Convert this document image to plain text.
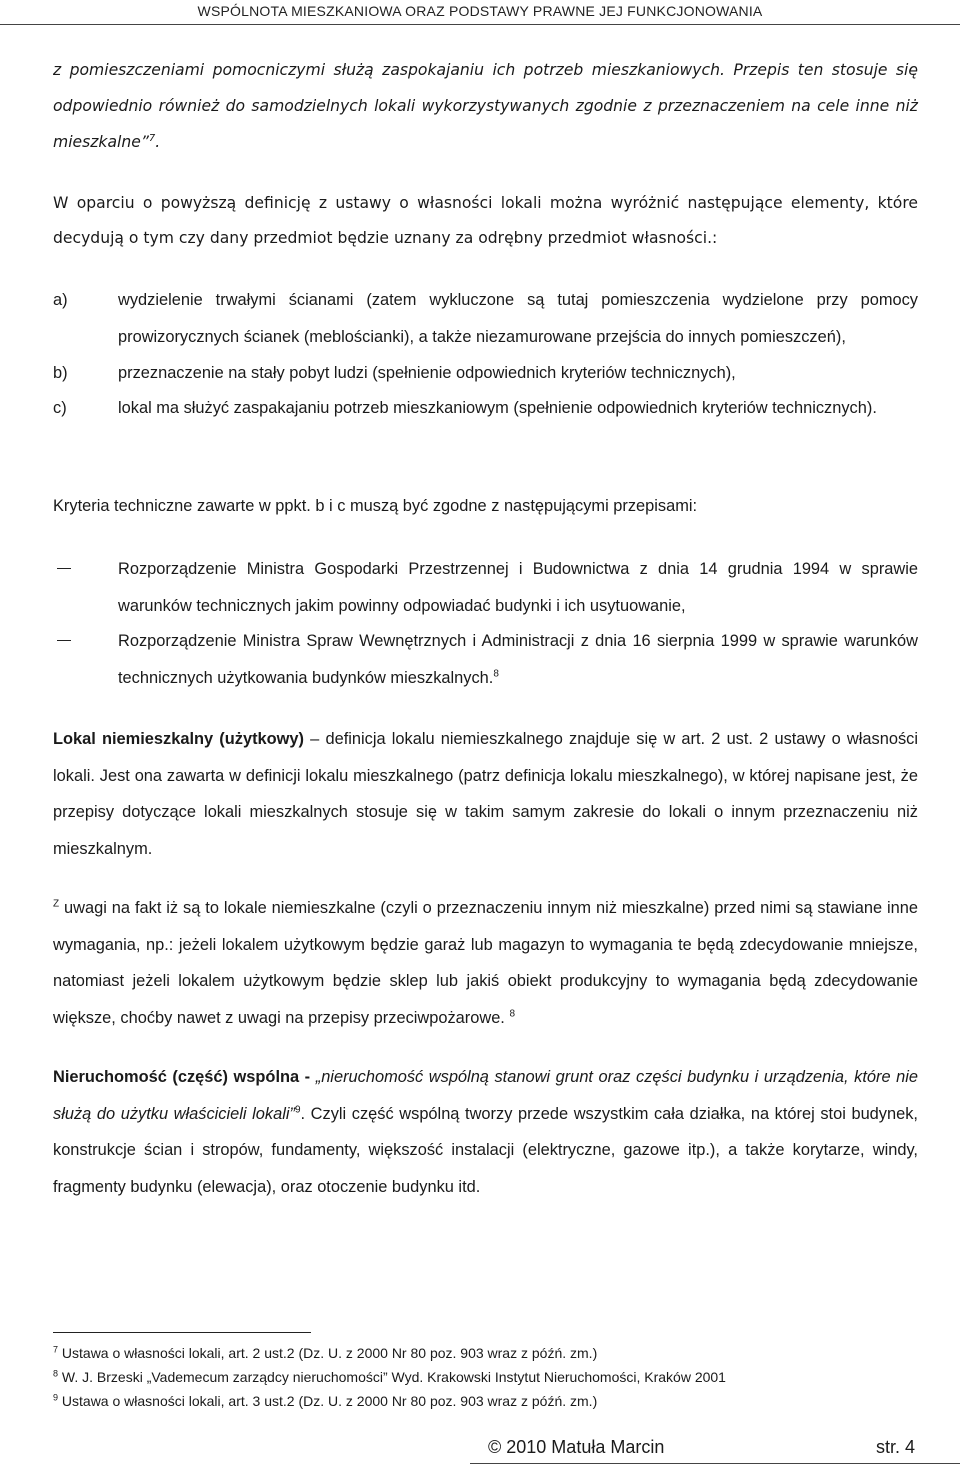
WSPÓLNOTA MIESZKANIOWA ORAZ PODSTAWY PRAWNE JEJ FUNKCJONOWANIA
z pomieszczeniami pomocniczymi służą zaspokajaniu ich potrzeb mieszkaniowych. Przepis ten stosuje się
odpowiednio również do samodzielnych lokali wykorzystywanych zgodnie z przeznaczeniem na cele inne niż
mieszkalne”$^7$.
W oparciu o powyższą definicję z ustawy o własności lokali można wyróżnić następujące elementy, które decydują o tym czy dany przedmiot będzie uznany za odrębny przedmiot własności.:
a)	wydzielenie trwałymi ścianami (zatem wykluczone są tutaj pomieszczenia wydzielone przy pomocy prowizorycznych ścianek (meblościanki), a także niezamurowane przejścia do innych pomieszczeń),
b)	przeznaczenie na stały pobyt ludzi (spełnienie odpowiednich kryteriów technicznych),
c)	lokal ma służyć zaspakajaniu potrzeb mieszkaniowym (spełnienie odpowiednich kryteriów technicznych).
Kryteria techniczne zawarte w ppkt. b i c muszą być zgodne z następującymi przepisami:
Rozporządzenie Ministra Gospodarki Przestrzennej i Budownictwa z dnia 14 grudnia 1994 w sprawie warunków technicznych jakim powinny odpowiadać budynki i ich usytuowanie,
Rozporządzenie Ministra Spraw Wewnętrznych i Administracji z dnia 16 sierpnia 1999 w sprawie warunków technicznych użytkowania budynków mieszkalnych.$^8$
Lokal niemieszkalny (użytkowy) – definicja lokalu niemieszkalnego znajduje się w art. 2 ust. 2 ustawy o własności lokali. Jest ona zawarta w definicji lokalu mieszkalnego (patrz definicja lokalu mieszkalnego), w której napisane jest, że przepisy dotyczące lokali mieszkalnych stosuje się w takim samym zakresie do lokali o innym przeznaczeniu niż mieszkalnym.
$^Z$ uwagi na fakt iż są to lokale niemieszkalne (czyli o przeznaczeniu innym niż mieszkalne) przed nimi są stawiane inne wymagania, np.: jeżeli lokalem użytkowym będzie garaż lub magazyn to wymagania te będą zdecydowanie mniejsze, natomiast jeżeli lokalem użytkowym będzie sklep lub jakiś obiekt produkcyjny to wymagania będą zdecydowanie większe, choćby nawet z uwagi na przepisy przeciwpożarowe. $^8$
Nieruchomość (część) wspólna - „nieruchomość wspólną stanowi grunt oraz części budynku i urządzenia, które nie służą do użytku właścicieli lokali”$^9$. Czyli część wspólną tworzy przede wszystkim cała działka, na której stoi budynek, konstrukcje ścian i stropów, fundamenty, większość instalacji (elektryczne, gazowe itp.), a także korytarze, windy, fragmenty budynku (elewacja), oraz otoczenie budynku itd.
$^7$ Ustawa o własności lokali, art. 2 ust.2 (Dz. U. z 2000 Nr 80 poz. 903 wraz z późń. zm.)
$^8$ W. J. Brzeski „Vademecum zarządcy nieruchomości” Wyd. Krakowski Instytut Nieruchomości, Kraków 2001
$^9$ Ustawa o własności lokali, art. 3 ust.2 (Dz. U. z 2000 Nr 80 poz. 903 wraz z późń. zm.)
© 2010 Matuła Marcin	str. 4
